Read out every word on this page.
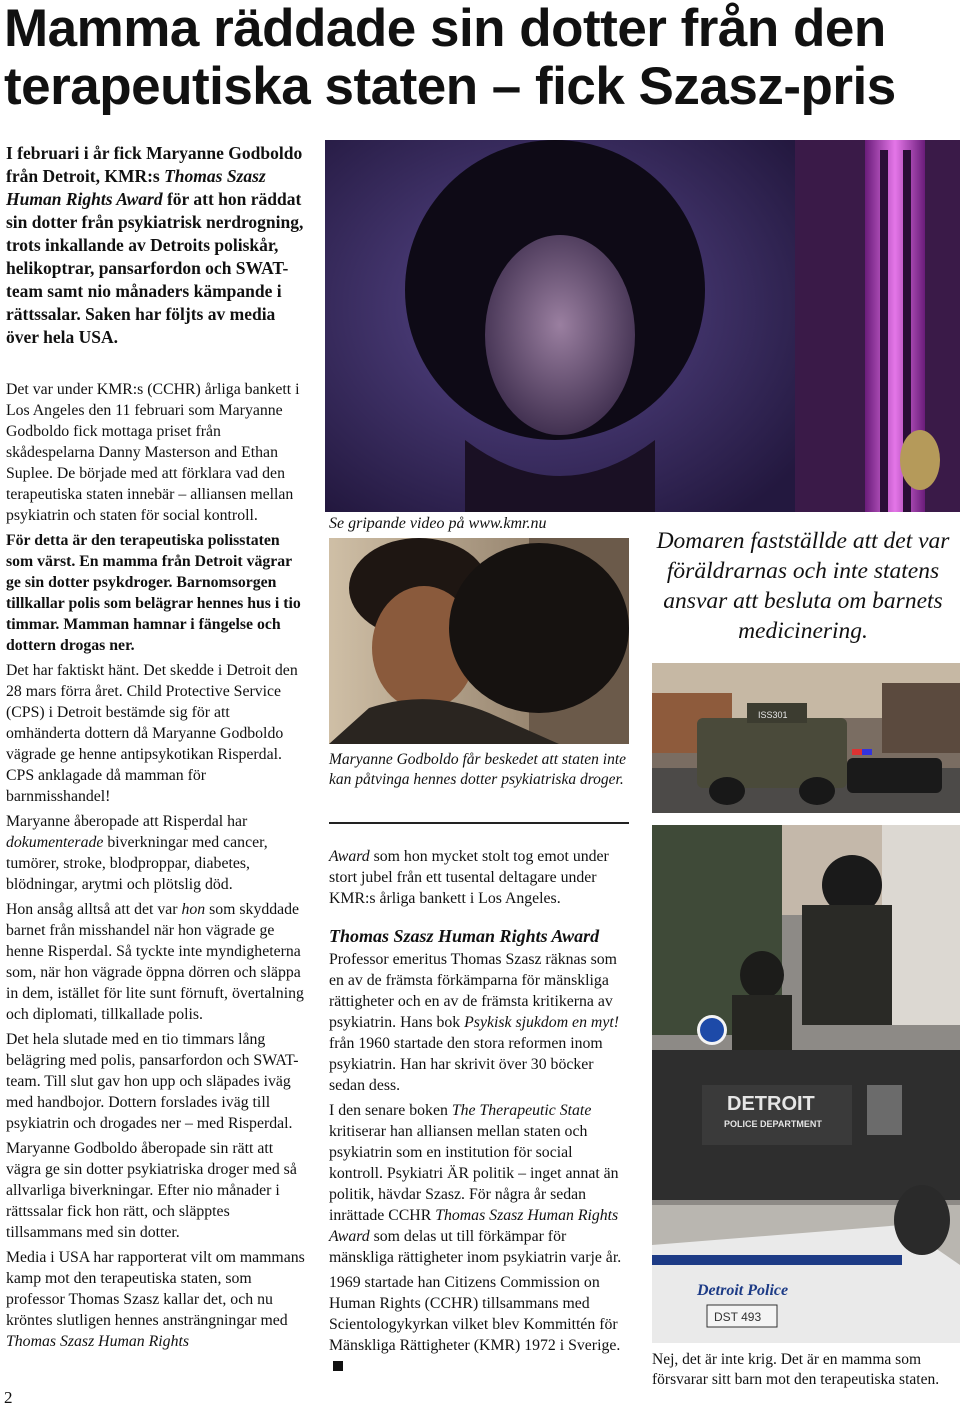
Mamma räddade sin dotter från den terapeutiska staten – fick Szasz-pris

I februari i år fick Maryanne Godboldo från Detroit, KMR:s Thomas Szasz Human Rights Award för att hon räddat sin dotter från psykiatrisk nerdrogning, trots inkallande av Detroits poliskår, helikoptrar, pansarfordon och SWAT-team samt nio månaders kämpande i rättssalar. Saken har följts av media över hela USA.

Det var under KMR:s (CCHR) årliga bankett i Los Angeles den 11 februari som Maryanne Godboldo fick mottaga priset från skådespelarna Danny Masterson and Ethan Suplee. De började med att förklara vad den terapeutiska staten innebär – alliansen mellan psykiatrin och staten för social kontroll.

För detta är den terapeutiska polisstaten som värst. En mamma från Detroit vägrar ge sin dotter psykdroger. Barnomsorgen tillkallar polis som belägrar hennes hus i tio timmar. Mamman hamnar i fängelse och dottern drogas ner.

Det har faktiskt hänt. Det skedde i Detroit den 28 mars förra året. Child Protective Service (CPS) i Detroit bestämde sig för att omhänderta dottern då Maryanne Godboldo vägrade ge henne antipsykotikan Risperdal. CPS anklagade då mamman för barnmisshandel!

Maryanne åberopade att Risperdal har dokumenterade biverkningar med cancer, tumörer, stroke, blodproppar, diabetes, blödningar, arytmi och plötslig död.

Hon ansåg alltså att det var hon som skyddade barnet från misshandel när hon vägrade ge henne Risperdal. Så tyckte inte myndigheterna som, när hon vägrade öppna dörren och släppa in dem, istället för lite sunt förnuft, övertalning och diplomati, tillkallade polis.

Det hela slutade med en tio timmars lång belägring med polis, pansarfordon och SWAT-team. Till slut gav hon upp och släpades iväg med handbojor. Dottern forslades iväg till psykiatrin och drogades ner – med Risperdal.

Maryanne Godboldo åberopade sin rätt att vägra ge sin dotter psykiatriska droger med så allvarliga biverkningar. Efter nio månader i rättssalar fick hon rätt, och släpptes tillsammans med sin dotter.

Media i USA har rapporterat vilt om mammans kamp mot den terapeutiska staten, som professor Thomas Szasz kallar det, och nu kröntes slutligen hennes ansträngningar med Thomas Szasz Human Rights

2
Se gripande video på www.kmr.nu
Maryanne Godboldo får beskedet att staten inte kan påtvinga hennes dotter psykiatriska droger.

Award som hon mycket stolt tog emot under stort jubel från ett tusental deltagare under KMR:s årliga bankett i Los Angeles.

Thomas Szasz Human Rights Award

Professor emeritus Thomas Szasz räknas som en av de främsta förkämparna för mänskliga rättigheter och en av de främsta kritikerna av psykiatrin. Hans bok Psykisk sjukdom en myt! från 1960 startade den stora reformen inom psykiatrin. Han har skrivit över 30 böcker sedan dess.

I den senare boken The Therapeutic State kritiserar han alliansen mellan staten och psykiatrin som en institution för social kontroll. Psykiatri ÄR politik – inget annat än politik, hävdar Szasz. För några år sedan inrättade CCHR Thomas Szasz Human Rights Award som delas ut till förkämpar för mänskliga rättigheter inom psykiatrin varje år.

1969 startade han Citizens Commission on Human Rights (CCHR) tillsammans med Scientologykyrkan vilket blev Kommittén för Mänskliga Rättigheter (KMR) 1972 i Sverige.

Domaren fastställde att det var föräldrarnas och inte statens ansvar att besluta om barnets medicinering.

ISS301
DETROIT
POLICE DEPARTMENT
Detroit Police
DST 493
Nej, det är inte krig. Det är en mamma som försvarar sitt barn mot den terapeutiska staten.
